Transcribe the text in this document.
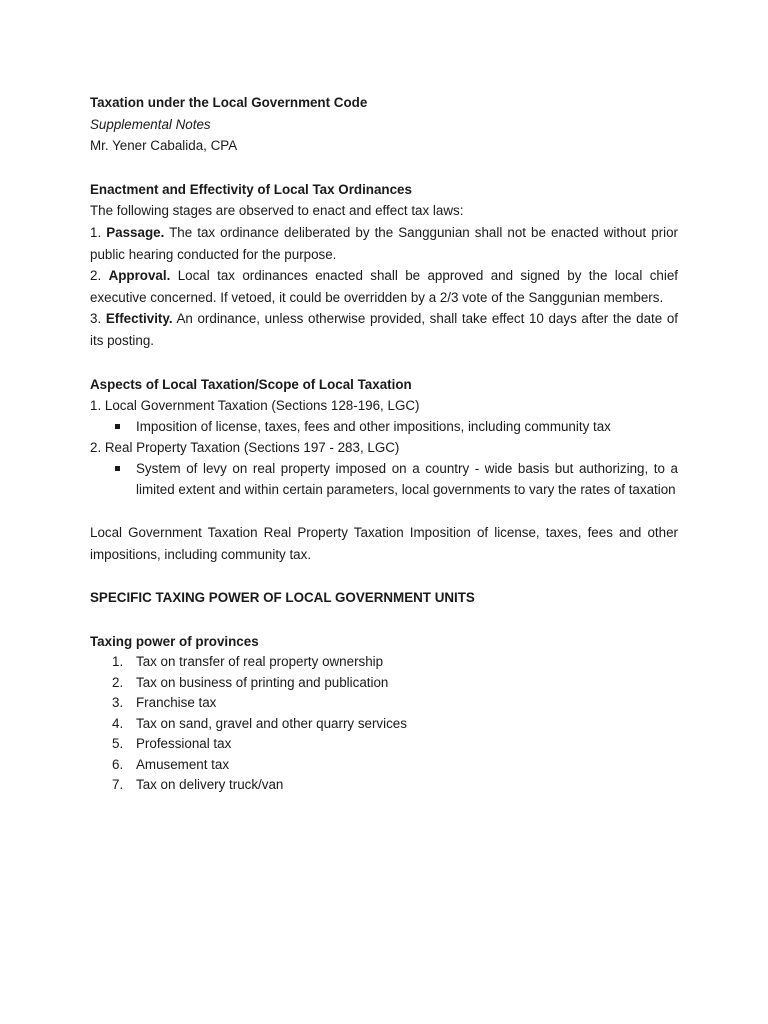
Taxation under the Local Government Code

Supplemental Notes

Mr. Yener Cabalida, CPA

Enactment and Effectivity of Local Tax Ordinances

The following stages are observed to enact and effect tax laws:

1. Passage. The tax ordinance deliberated by the Sanggunian shall not be enacted without prior public hearing conducted for the purpose.

2. Approval. Local tax ordinances enacted shall be approved and signed by the local chief executive concerned. If vetoed, it could be overridden by a 2/3 vote of the Sanggunian members.

3. Effectivity. An ordinance, unless otherwise provided, shall take effect 10 days after the date of its posting.

Aspects of Local Taxation/Scope of Local Taxation

1. Local Government Taxation (Sections 128-196, LGC)

Imposition of license, taxes, fees and other impositions, including community tax

2. Real Property Taxation (Sections 197 - 283, LGC)

System of levy on real property imposed on a country - wide basis but authorizing, to a limited extent and within certain parameters, local governments to vary the rates of taxation

Local Government Taxation Real Property Taxation Imposition of license, taxes, fees and other impositions, including community tax.

SPECIFIC TAXING POWER OF LOCAL GOVERNMENT UNITS

Taxing power of provinces

1. Tax on transfer of real property ownership
2. Tax on business of printing and publication
3. Franchise tax
4. Tax on sand, gravel and other quarry services
5. Professional tax
6. Amusement tax
7. Tax on delivery truck/van
